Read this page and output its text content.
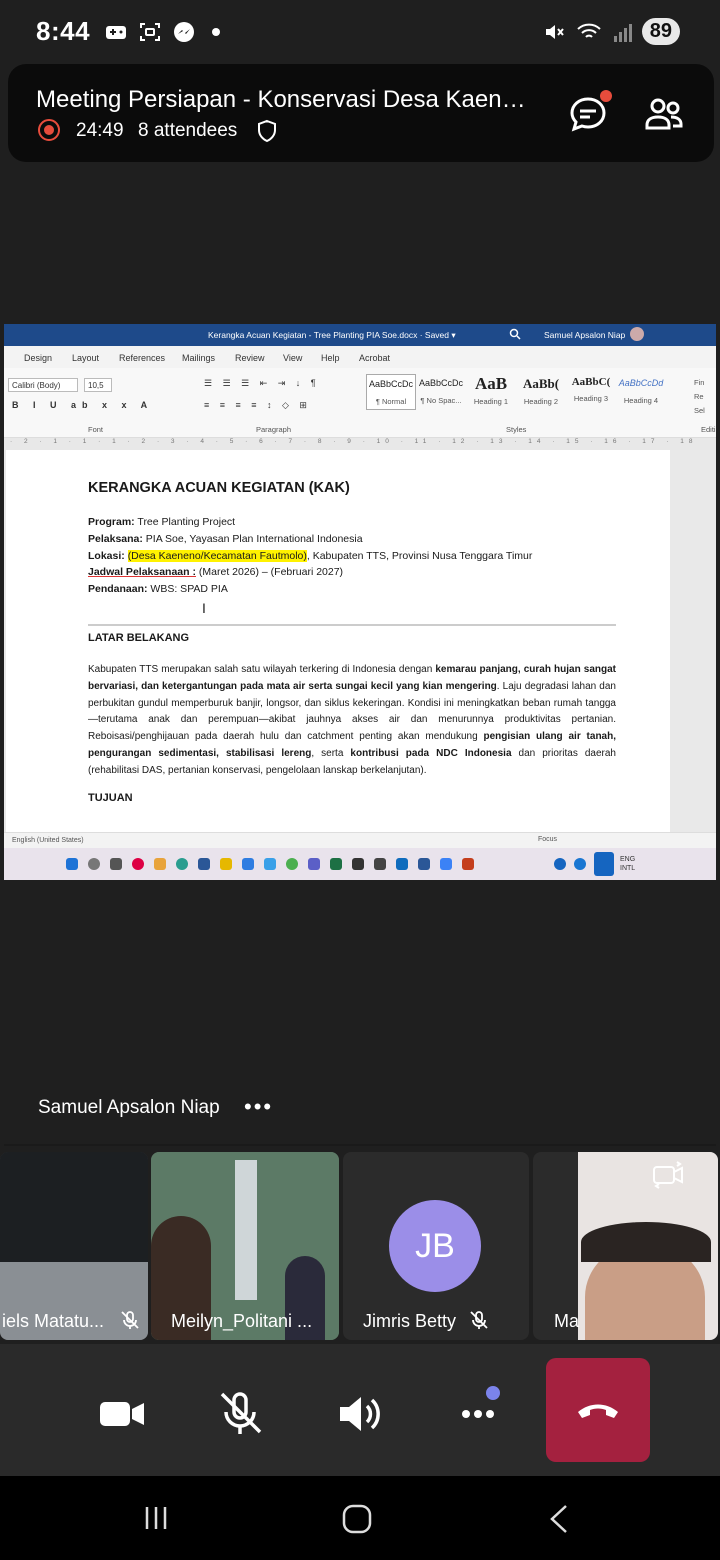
8:44	89
Meeting Persiapan - Konservasi Desa Kaen…
24:49 8 attendees
Kerangka Acuan Kegiatan - Tree Planting PIA Soe.docx · Saved ▾	Samuel Apsalon Niap
Design Layout References Mailings Review View Help Acrobat
Calibri (Body)	10,5
B I U ab x x A
☰ ☰ ☰ ⇤ ⇥ ↓ ¶
≡ ≡ ≡ ≡ ↕ ◇ ⊞
AaBbCcDc
¶ Normal
AaBbCcDc
¶ No Spac...
AaB
Heading 1
AaBb(
Heading 2
AaBbC(
Heading 3
AaBbCcDd
Heading 4
Fin
Re
Sel
Font	Paragraph	Styles	Editi
· 2 · 1 · 1 · 1 · 2 · 3 · 4 · 5 · 6 · 7 · 8 · 9 · 10 · 11 · 12 · 13 · 14 · 15 · 16 · 17 · 18
KERANGKA ACUAN KEGIATAN (KAK)
Program: Tree Planting Project
Pelaksana: PIA Soe, Yayasan Plan International Indonesia
Lokasi: (Desa Kaeneno/Kecamatan Fautmolo), Kabupaten TTS, Provinsi Nusa Tenggara Timur
Jadwal Pelaksanaan : (Maret 2026) – (Februari 2027)
Pendanaan: WBS: SPAD PIA
LATAR BELAKANG
Kabupaten TTS merupakan salah satu wilayah terkering di Indonesia dengan kemarau panjang, curah hujan sangat bervariasi, dan ketergantungan pada mata air serta sungai kecil yang kian mengering. Laju degradasi lahan dan perbukitan gundul memperburuk banjir, longsor, dan siklus kekeringan. Kondisi ini meningkatkan beban rumah tangga—terutama anak dan perempuan—akibat jauhnya akses air dan menurunnya produktivitas pertanian. Reboisasi/penghijauan pada daerah hulu dan catchment penting akan mendukung pengisian ulang air tanah, pengurangan sedimentasi, stabilisasi lereng, serta kontribusi pada NDC Indonesia dan prioritas daerah (rehabilitasi DAS, pertanian konservasi, pengelolaan lanskap berkelanjutan).
TUJUAN
I
English (United States)	Focus
ENG
INTL
Samuel Apsalon Niap •••
iels Matatu...	Meilyn_Politani ...
JB
Jimris Betty	Ma
